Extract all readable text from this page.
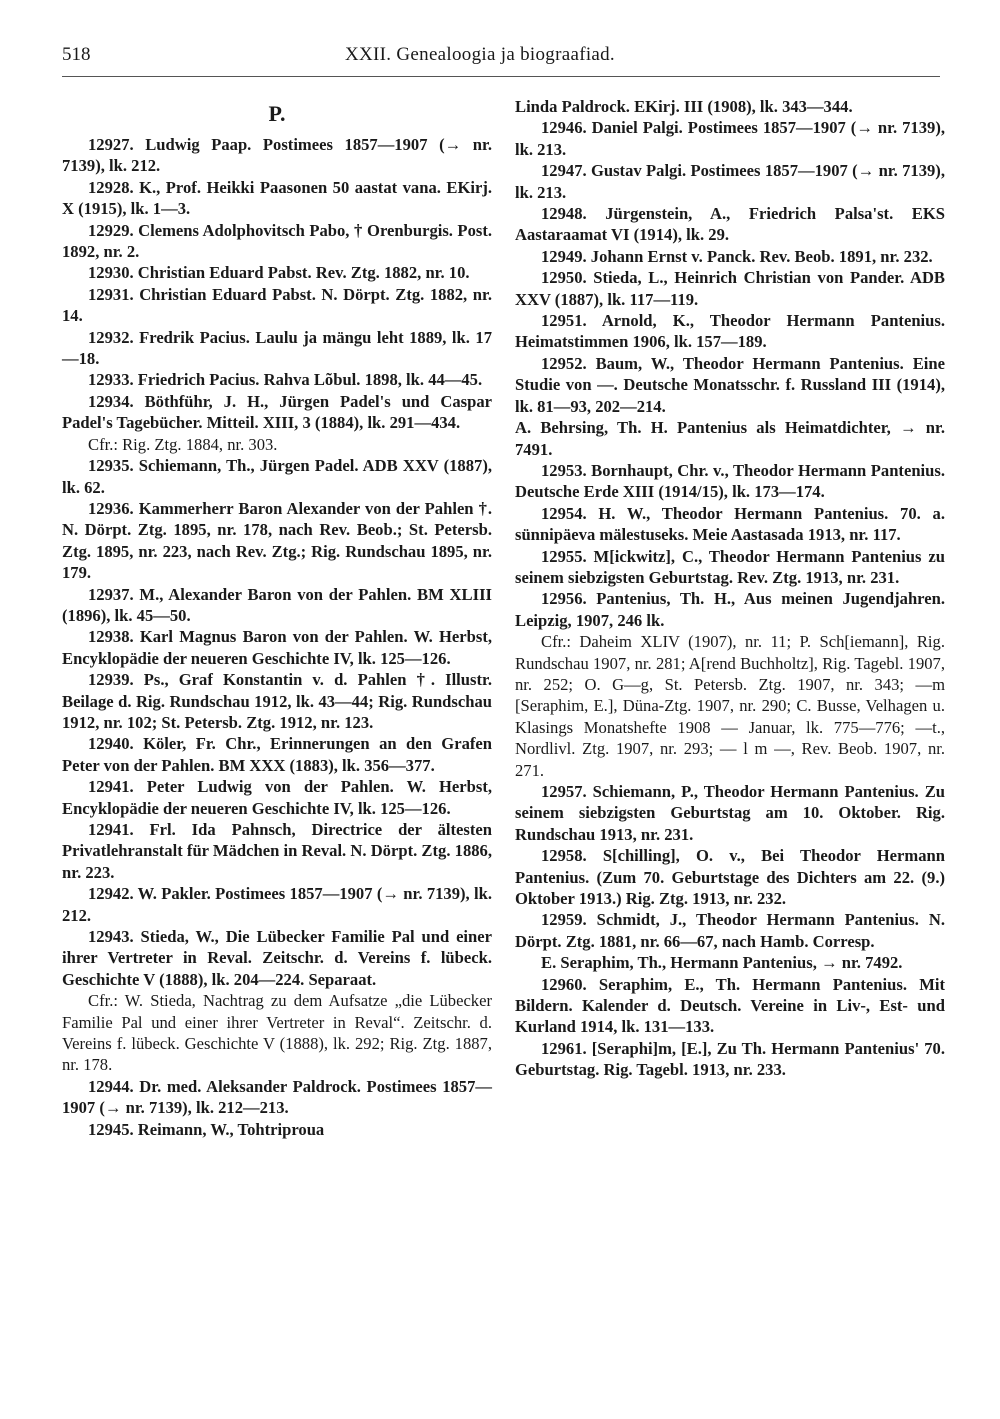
518	XXII. Genealoogia ja biograafiad.
P.

12927. Ludwig Paap. Postimees 1857—1907 (→ nr. 7139), lk. 212.

12928. K., Prof. Heikki Paasonen 50 aastat vana. EKirj. X (1915), lk. 1—3.

12929. Clemens Adolphovitsch Pabo, † Orenburgis. Post. 1892, nr. 2.

12930. Christian Eduard Pabst. Rev. Ztg. 1882, nr. 10.

12931. Christian Eduard Pabst. N. Dörpt. Ztg. 1882, nr. 14.

12932. Fredrik Pacius. Laulu ja mängu leht 1889, lk. 17—18.

12933. Friedrich Pacius. Rahva Lõbul. 1898, lk. 44—45.

12934. Böthführ, J. H., Jürgen Padel's und Caspar Padel's Tagebücher. Mitteil. XIII, 3 (1884), lk. 291—434.

Cfr.: Rig. Ztg. 1884, nr. 303.

12935. Schiemann, Th., Jürgen Padel. ADB XXV (1887), lk. 62.

12936. Kammerherr Baron Alexander von der Pahlen †. N. Dörpt. Ztg. 1895, nr. 178, nach Rev. Beob.; St. Petersb. Ztg. 1895, nr. 223, nach Rev. Ztg.; Rig. Rundschau 1895, nr. 179.

12937. M., Alexander Baron von der Pahlen. BM XLIII (1896), lk. 45—50.

12938. Karl Magnus Baron von der Pahlen. W. Herbst, Encyklopädie der neueren Geschichte IV, lk. 125—126.

12939. Ps., Graf Konstantin v. d. Pahlen †. Illustr. Beilage d. Rig. Rundschau 1912, lk. 43—44; Rig. Rundschau 1912, nr. 102; St. Petersb. Ztg. 1912, nr. 123.

12940. Köler, Fr. Chr., Erinnerungen an den Grafen Peter von der Pahlen. BM XXX (1883), lk. 356—377.

12941. Peter Ludwig von der Pahlen. W. Herbst, Encyklopädie der neueren Geschichte IV, lk. 125—126.

12941. Frl. Ida Pahnsch, Directrice der ältesten Privatlehranstalt für Mädchen in Reval. N. Dörpt. Ztg. 1886, nr. 223.

12942. W. Pakler. Postimees 1857—1907 (→ nr. 7139), lk. 212.

12943. Stieda, W., Die Lübecker Familie Pal und einer ihrer Vertreter in Reval. Zeitschr. d. Vereins f. lübeck. Geschichte V (1888), lk. 204—224. Separaat.

Cfr.: W. Stieda, Nachtrag zu dem Aufsatze „die Lübecker Familie Pal und einer ihrer Vertreter in Reval“. Zeitschr. d. Vereins f. lübeck. Geschichte V (1888), lk. 292; Rig. Ztg. 1887, nr. 178.

12944. Dr. med. Aleksander Paldrock. Postimees 1857—1907 (→ nr. 7139), lk. 212—213.

12945. Reimann, W., Tohtriproua

Linda Paldrock. EKirj. III (1908), lk. 343—344.

12946. Daniel Palgi. Postimees 1857—1907 (→ nr. 7139), lk. 213.

12947. Gustav Palgi. Postimees 1857—1907 (→ nr. 7139), lk. 213.

12948. Jürgenstein, A., Friedrich Palsa'st. EKS Aastaraamat VI (1914), lk. 29.

12949. Johann Ernst v. Panck. Rev. Beob. 1891, nr. 232.

12950. Stieda, L., Heinrich Christian von Pander. ADB XXV (1887), lk. 117—119.

12951. Arnold, K., Theodor Hermann Pantenius. Heimatstimmen 1906, lk. 157—189.

12952. Baum, W., Theodor Hermann Pantenius. Eine Studie von —. Deutsche Monatsschr. f. Russland III (1914), lk. 81—93, 202—214.

A. Behrsing, Th. H. Pantenius als Heimatdichter, → nr. 7491.

12953. Bornhaupt, Chr. v., Theodor Hermann Pantenius. Deutsche Erde XIII (1914/15), lk. 173—174.

12954. H. W., Theodor Hermann Pantenius. 70. a. sünnipäeva mälestuseks. Meie Aastasada 1913, nr. 117.

12955. M[ickwitz], C., Theodor Hermann Pantenius zu seinem siebzigsten Geburtstag. Rev. Ztg. 1913, nr. 231.

12956. Pantenius, Th. H., Aus meinen Jugendjahren. Leipzig, 1907, 246 lk.

Cfr.: Daheim XLIV (1907), nr. 11; P. Sch[iemann], Rig. Rundschau 1907, nr. 281; A[rend Buchholtz], Rig. Tagebl. 1907, nr. 252; O. G—g, St. Petersb. Ztg. 1907, nr. 343; —m [Seraphim, E.], Düna-Ztg. 1907, nr. 290; C. Busse, Velhagen u. Klasings Monatshefte 1908 — Januar, lk. 775—776; —t., Nordlivl. Ztg. 1907, nr. 293; — l m —, Rev. Beob. 1907, nr. 271.

12957. Schiemann, P., Theodor Hermann Pantenius. Zu seinem siebzigsten Geburtstag am 10. Oktober. Rig. Rundschau 1913, nr. 231.

12958. S[chilling], O. v., Bei Theodor Hermann Pantenius. (Zum 70. Geburtstage des Dichters am 22. (9.) Oktober 1913.) Rig. Ztg. 1913, nr. 232.

12959. Schmidt, J., Theodor Hermann Pantenius. N. Dörpt. Ztg. 1881, nr. 66—67, nach Hamb. Corresp.

E. Seraphim, Th., Hermann Pantenius, → nr. 7492.

12960. Seraphim, E., Th. Hermann Pantenius. Mit Bildern. Kalender d. Deutsch. Vereine in Liv-, Est- und Kurland 1914, lk. 131—133.

12961. [Seraphi]m, [E.], Zu Th. Hermann Pantenius' 70. Geburtstag. Rig. Tagebl. 1913, nr. 233.
